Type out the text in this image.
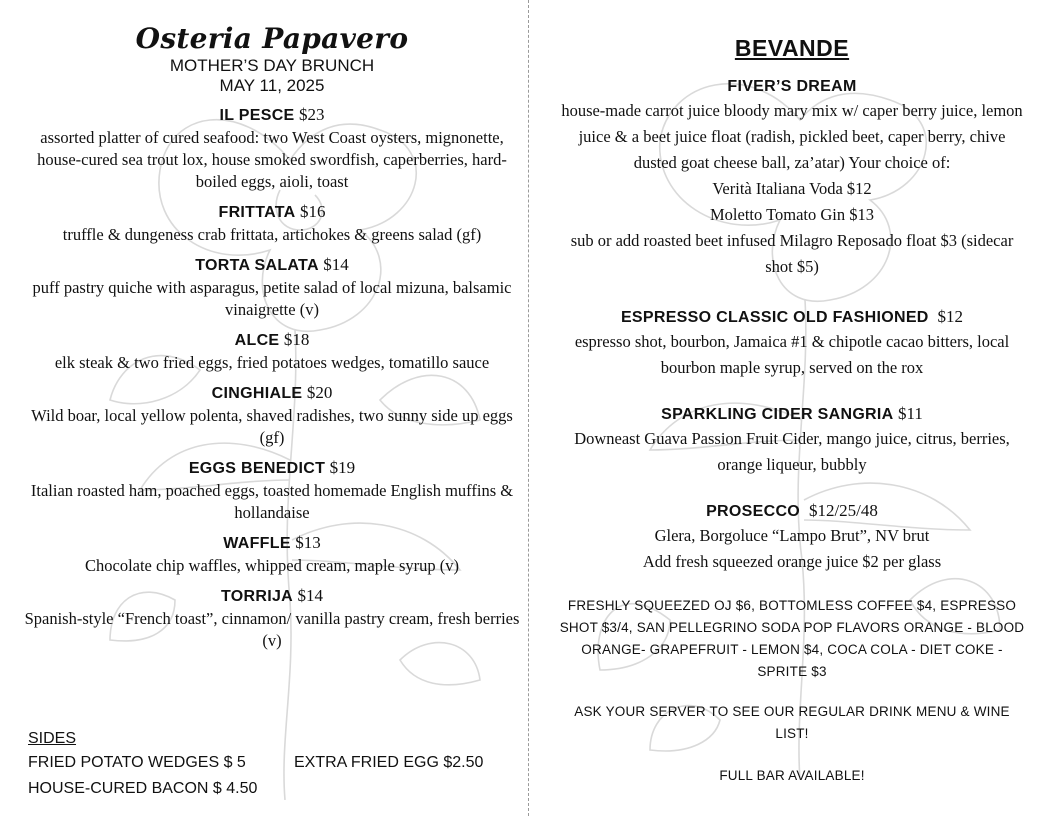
Osteria Papavero
MOTHER’S DAY BRUNCH
MAY 11, 2025
IL PESCE $23
assorted platter of cured seafood: two West Coast oysters, mignonette, house-cured sea trout lox, house smoked swordfish, caperberries, hard-boiled eggs, aioli, toast
FRITTATA $16
truffle & dungeness crab frittata, artichokes & greens salad (gf)
TORTA SALATA $14
puff pastry quiche with asparagus, petite salad of local mizuna, balsamic vinaigrette (v)
ALCE $18
elk steak & two fried eggs, fried potatoes wedges, tomatillo sauce
CINGHIALE $20
Wild boar, local yellow polenta, shaved radishes, two sunny side up eggs (gf)
EGGS BENEDICT $19
Italian roasted ham, poached eggs, toasted homemade English muffins & hollandaise
WAFFLE $13
Chocolate chip waffles, whipped cream, maple syrup (v)
TORRIJA $14
Spanish-style “French toast”, cinnamon/ vanilla pastry cream, fresh berries (v)
SIDES
FRIED POTATO WEDGES $ 5	EXTRA FRIED EGG $2.50
HOUSE-CURED BACON $ 4.50
BEVANDE
FIVER’S DREAM
house-made carrot juice bloody mary mix w/ caper berry juice, lemon juice & a beet juice float (radish, pickled beet, caper berry, chive dusted goat cheese ball, za’atar) Your choice of:
Verità Italiana Voda $12
Moletto Tomato Gin $13
sub or add roasted beet infused Milagro Reposado float $3 (sidecar shot $5)
ESPRESSO CLASSIC OLD FASHIONED $12
espresso shot, bourbon, Jamaica #1 & chipotle cacao bitters, local bourbon maple syrup, served on the rox
SPARKLING CIDER SANGRIA $11
Downeast Guava Passion Fruit Cider, mango juice, citrus, berries, orange liqueur, bubbly
PROSECCO $12/25/48
Glera, Borgoluce “Lampo Brut”, NV brut
Add fresh squeezed orange juice $2 per glass
FRESHLY SQUEEZED OJ $6, BOTTOMLESS COFFEE $4, ESPRESSO SHOT $3/4, SAN PELLEGRINO SODA POP FLAVORS ORANGE - BLOOD ORANGE- GRAPEFRUIT - LEMON $4, COCA COLA - DIET COKE - SPRITE $3
ASK YOUR SERVER TO SEE OUR REGULAR DRINK MENU & WINE LIST!
FULL BAR AVAILABLE!
